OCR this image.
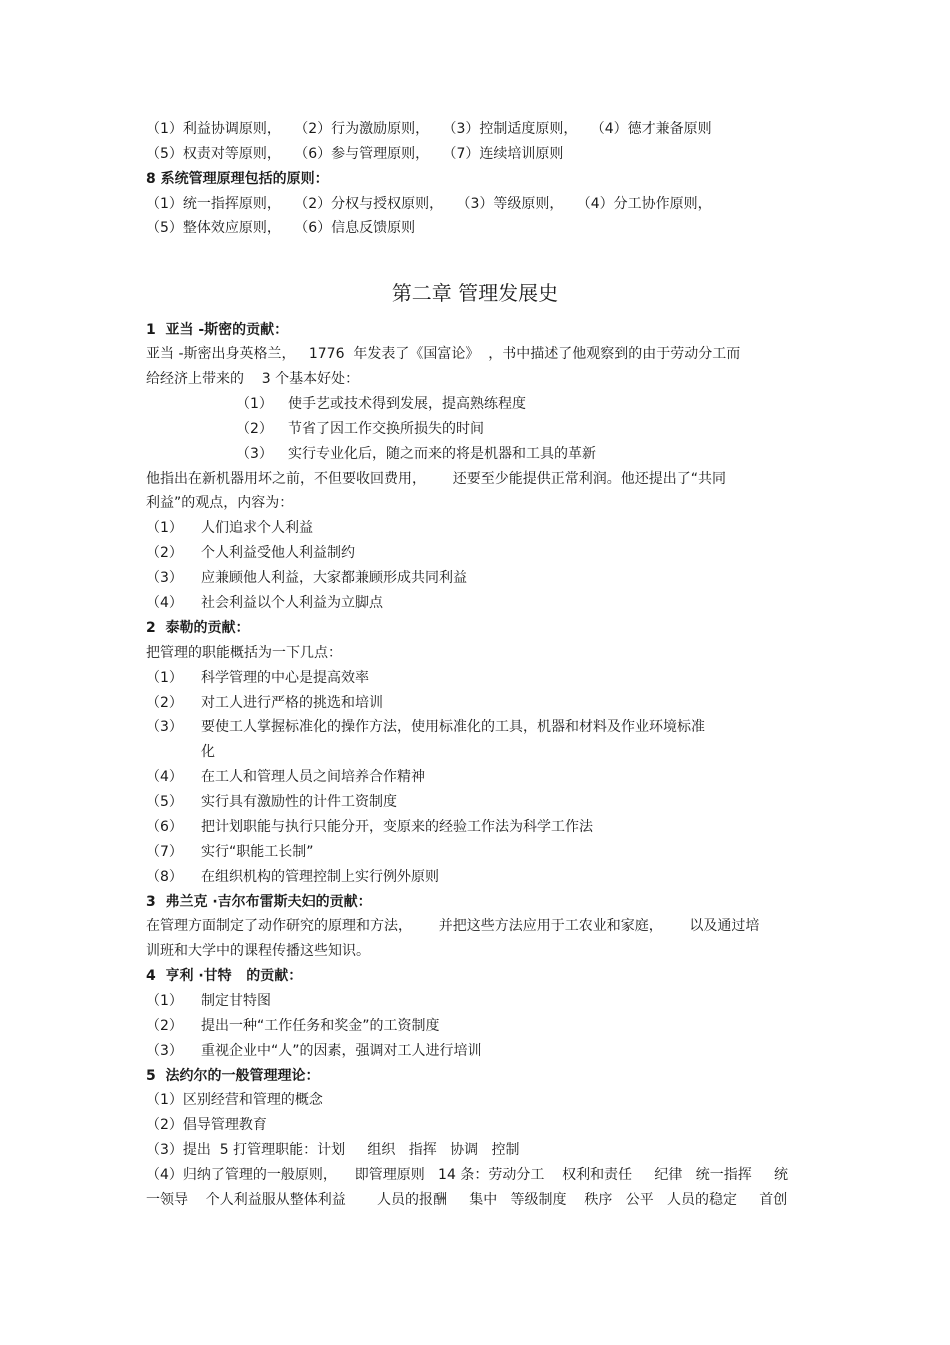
（1）利益协调原则，   （2）行为激励原则，   （3）控制适度原则，   （4）德才兼备原则
（5）权责对等原则，   （6）参与管理原则，   （7）连续培训原则
8 系统管理原理包括的原则：
（1）统一指挥原则，   （2）分权与授权原则，   （3）等级原则，   （4）分工协作原则，
（5）整体效应原则，   （6）信息反馈原则
第二章 管理发展史
1  亚当 -斯密的贡献：
亚当 -斯密出身英格兰，   1776  年发表了《国富论》  ，书中描述了他观察到的由于劳动分工而
给经济上带来的    3 个基本好处：
（1） 使手艺或技术得到发展，提高熟练程度
（2） 节省了因工作交换所损失的时间
（3） 实行专业化后，随之而来的将是机器和工具的革新
他指出在新机器用坏之前，不但要收回费用，      还要至少能提供正常利润。他还提出了“共同
利益”的观点，内容为：
（1） 人们追求个人利益
（2） 个人利益受他人利益制约
（3） 应兼顾他人利益，大家都兼顾形成共同利益
（4） 社会利益以个人利益为立脚点
2  泰勒的贡献：
把管理的职能概括为一下几点：
（1） 科学管理的中心是提高效率
（2） 对工人进行严格的挑选和培训
（3） 要使工人掌握标准化的操作方法，使用标准化的工具，机器和材料及作业环境标准
化
（4） 在工人和管理人员之间培养合作精神
（5） 实行具有激励性的计件工资制度
（6） 把计划职能与执行只能分开，变原来的经验工作法为科学工作法
（7） 实行“职能工长制”
（8） 在组织机构的管理控制上实行例外原则
3  弗兰克 ·吉尔布雷斯夫妇的贡献：
在管理方面制定了动作研究的原理和方法，      并把这些方法应用于工农业和家庭，      以及通过培
训班和大学中的课程传播这些知识。
4  亨利 ·甘特   的贡献：
（1） 制定甘特图
（2） 提出一种“工作任务和奖金”的工资制度
（3） 重视企业中“人”的因素，强调对工人进行培训
5  法约尔的一般管理理论：
（1）区别经营和管理的概念
（2）倡导管理教育
（3）提出  5 打管理职能：计划     组织   指挥   协调   控制
（4）归纳了管理的一般原则，    即管理原则   14 条：劳动分工    权利和责任     纪律   统一指挥     统
一领导    个人利益服从整体利益       人员的报酬     集中   等级制度    秩序   公平   人员的稳定     首创
